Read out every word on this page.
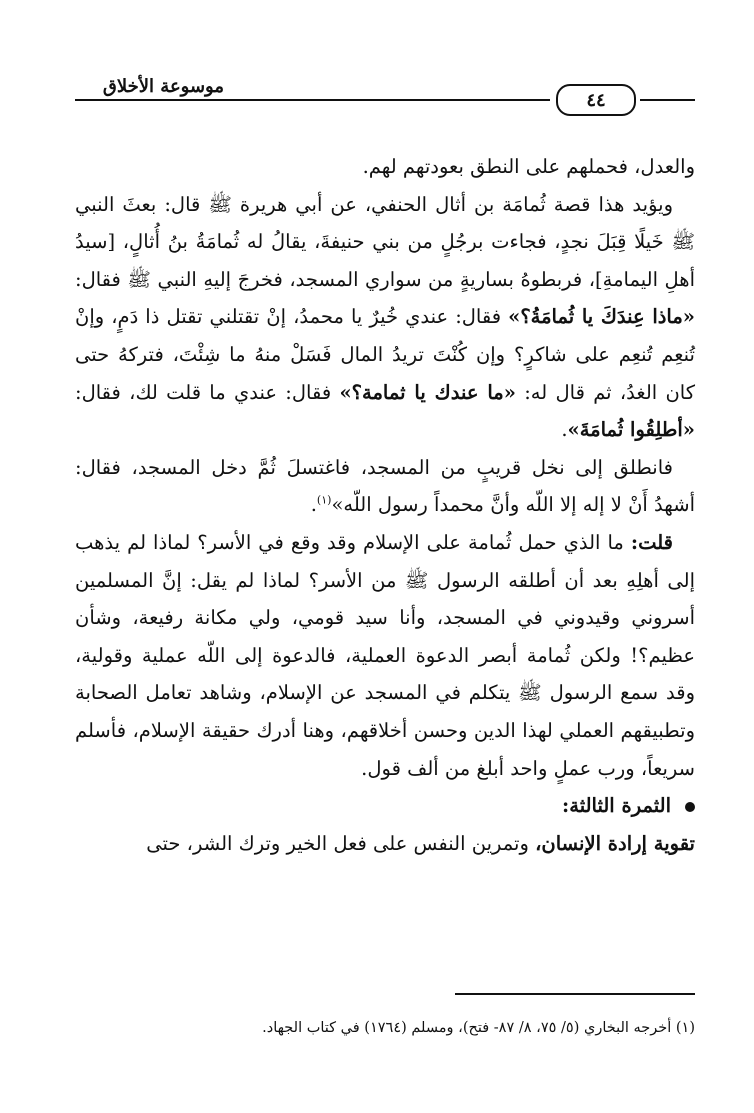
موسوعة الأخلاق
٤٤

والعدل، فحملهم على النطق بعودتهم لهم.

ويؤيد هذا قصة ثُمامَة بن أثال الحنفي، عن أبي هريرة ﷺ قال: بعثَ النبي ﷺ خَيلًا قِبَلَ نجدٍ، فجاءت برجُلٍ من بني حنيفةَ، يقالُ له ثُمامَةُ بنُ أُثالٍ، [سيدُ أهلِ اليمامةِ]، فربطوهُ بساريةٍ من سواري المسجد، فخرجَ إليهِ النبي ﷺ فقال: «ماذا عِندَكَ يا ثُمامَةُ؟» فقال: عندي خُيرٌ يا محمدُ، إنْ تقتلني تقتل ذا دَمٍ، وإنْ تُنعِم تُنعِم على شاكرٍ؟ وإن كُنْتَ تريدُ المال فَسَلْ منهُ ما شِئْتَ، فتركهُ حتى كان الغدُ، ثم قال له: «ما عندك يا ثمامة؟» فقال: عندي ما قلت لك، فقال: «أطلِقُوا ثُمامَةَ».

فانطلق إلى نخل قريبٍ من المسجد، فاغتسلَ ثُمَّ دخل المسجد، فقال: أشهدُ أَنْ لا إله إلا اللّه وأنَّ محمداً رسول اللّه»$^{(١)}$.

قلت: ما الذي حمل ثُمامة على الإسلام وقد وقع في الأسر؟ لماذا لم يذهب إلى أهلِهِ بعد أن أطلقه الرسول ﷺ من الأسر؟ لماذا لم يقل: إنَّ المسلمين أسروني وقيدوني في المسجد، وأنا سيد قومي، ولي مكانة رفيعة، وشأن عظيم؟! ولكن ثُمامة أبصر الدعوة العملية، فالدعوة إلى اللّه عملية وقولية، وقد سمع الرسول ﷺ يتكلم في المسجد عن الإسلام، وشاهد تعامل الصحابة وتطبيقهم العملي لهذا الدين وحسن أخلاقهم، وهنا أدرك حقيقة الإسلام، فأسلم سريعاً، ورب عملٍ واحد أبلغ من ألف قول.

الثمرة الثالثة:

تقوية إرادة الإنسان، وتمرين النفس على فعل الخير وترك الشر، حتى

(١) أخرجه البخاري (٥/ ٧٥، ٨/ ٨٧- فتح)، ومسلم (١٧٦٤) في كتاب الجهاد.
